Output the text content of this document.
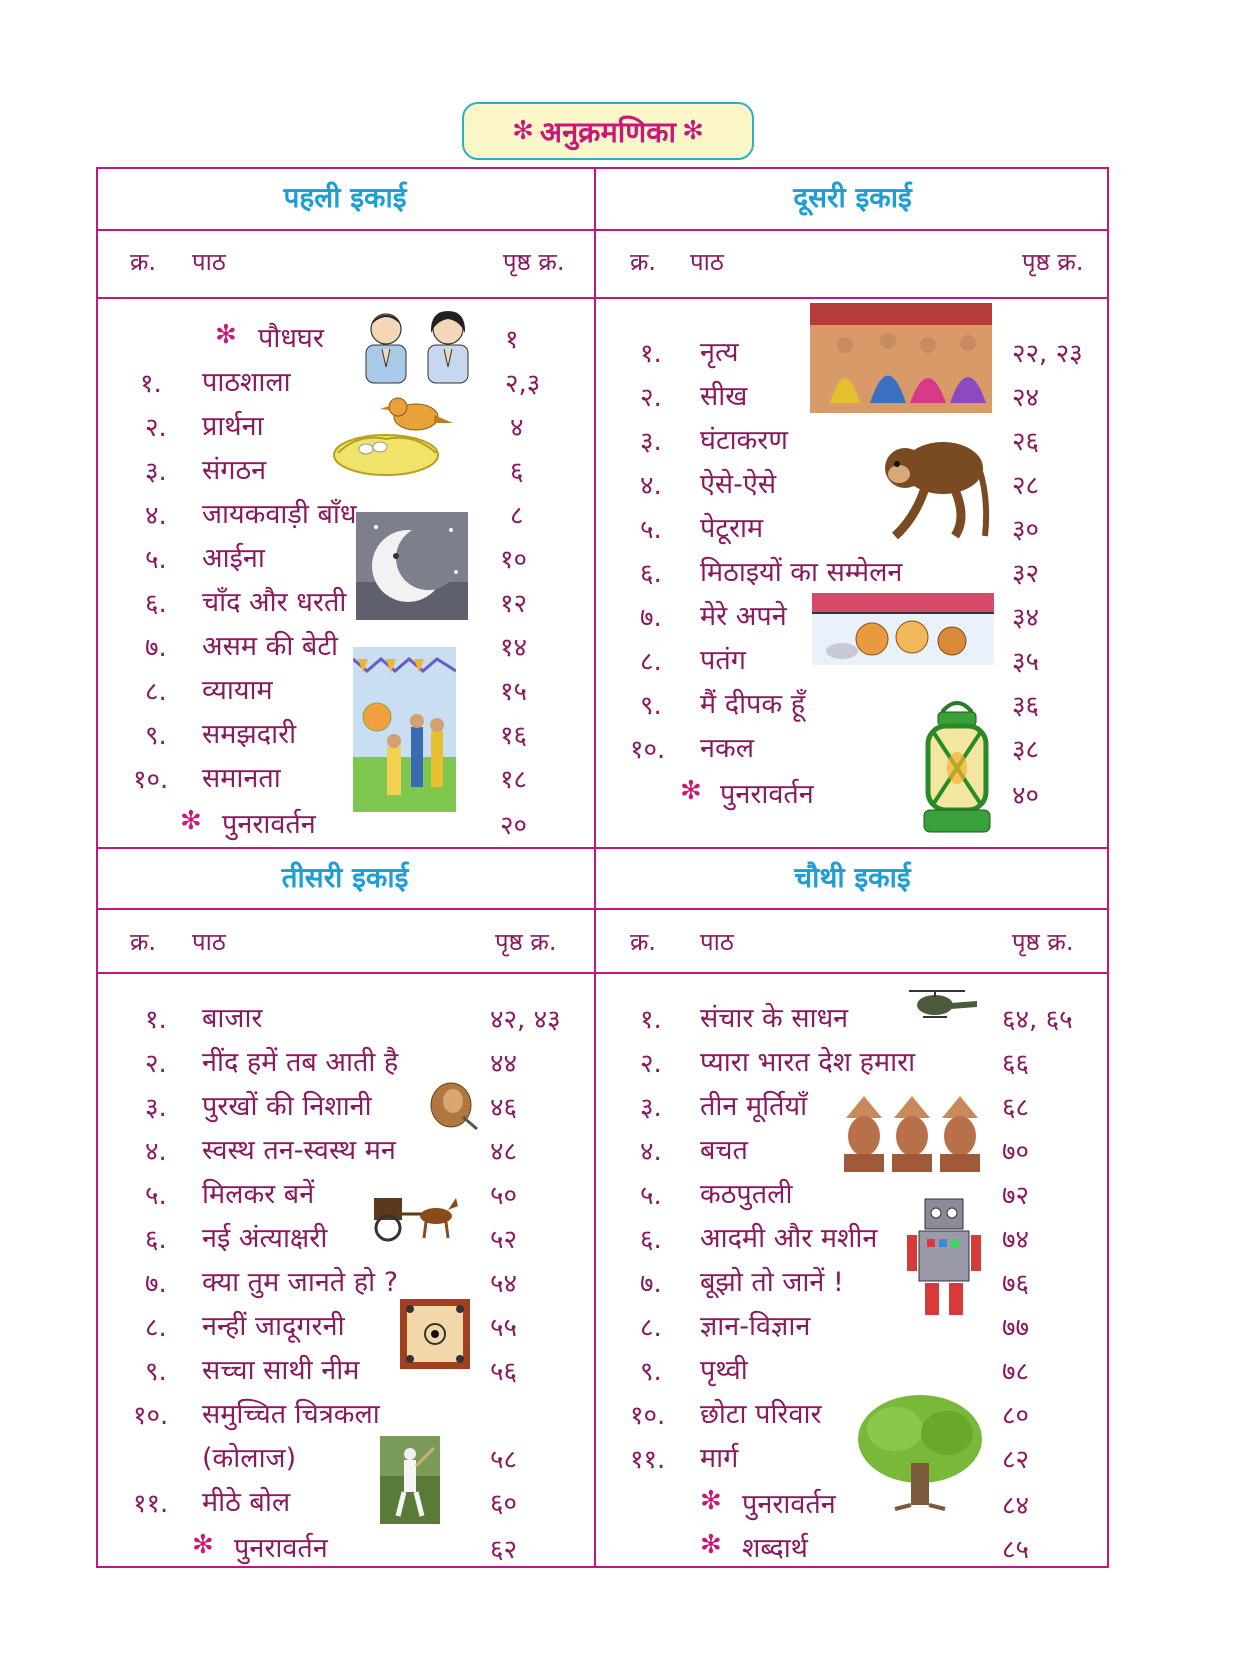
✻ अनुक्रमणिका ✻
पहली इकाई	दूसरी इकाई
तीसरी इकाई	चौथी इकाई
क्र. पाठ	पृष्ठ क्र.	क्र. पाठ	पृष्ठ क्र.
क्र. पाठ	पृष्ठ क्र.	क्र. पाठ	पृष्ठ क्र.
✻ पौधघर	१
१. पाठशाला	२,३
२. प्रार्थना	४
३. संगठन	६
४. जायकवाड़ी बाँध	८
५. आईना	१०
६. चाँद और धरती	१२
७. असम की बेटी	१४
८. व्यायाम	१५
९. समझदारी	१६
१०. समानता	१८
✻ पुनरावर्तन	२०
१. नृत्य	२२, २३
२. सीख	२४
३. घंटाकरण	२६
४. ऐसे-ऐसे	२८
५. पेटूराम	३०
६. मिठाइयों का सम्मेलन	३२
७. मेरे अपने	३४
८. पतंग	३५
९. मैं दीपक हूँ	३६
१०. नकल	३८
✻ पुनरावर्तन	४०
१. बाजार	४२, ४३
२. नींद हमें तब आती है	४४
३. पुरखों की निशानी	४६
४. स्वस्थ तन-स्वस्थ मन	४८
५. मिलकर बनें	५०
६. नई अंत्याक्षरी	५२
७. क्या तुम जानते हो ?	५४
८. नन्हीं जादूगरनी	५५
९. सच्चा साथी नीम	५६
१०. समुच्चित चित्रकला
(कोलाज)	५८
११. मीठे बोल	६०
✻ पुनरावर्तन	६२
१. संचार के साधन	६४, ६५
२. प्यारा भारत देश हमारा	६६
३. तीन मूर्तियाँ	६८
४. बचत	७०
५. कठपुतली	७२
६. आदमी और मशीन	७४
७. बूझो तो जानें !	७६
८. ज्ञान-विज्ञान	७७
९. पृथ्वी	७८
१०. छोटा परिवार	८०
११. मार्ग	८२
✻ पुनरावर्तन	८४
✻ शब्दार्थ	८५
